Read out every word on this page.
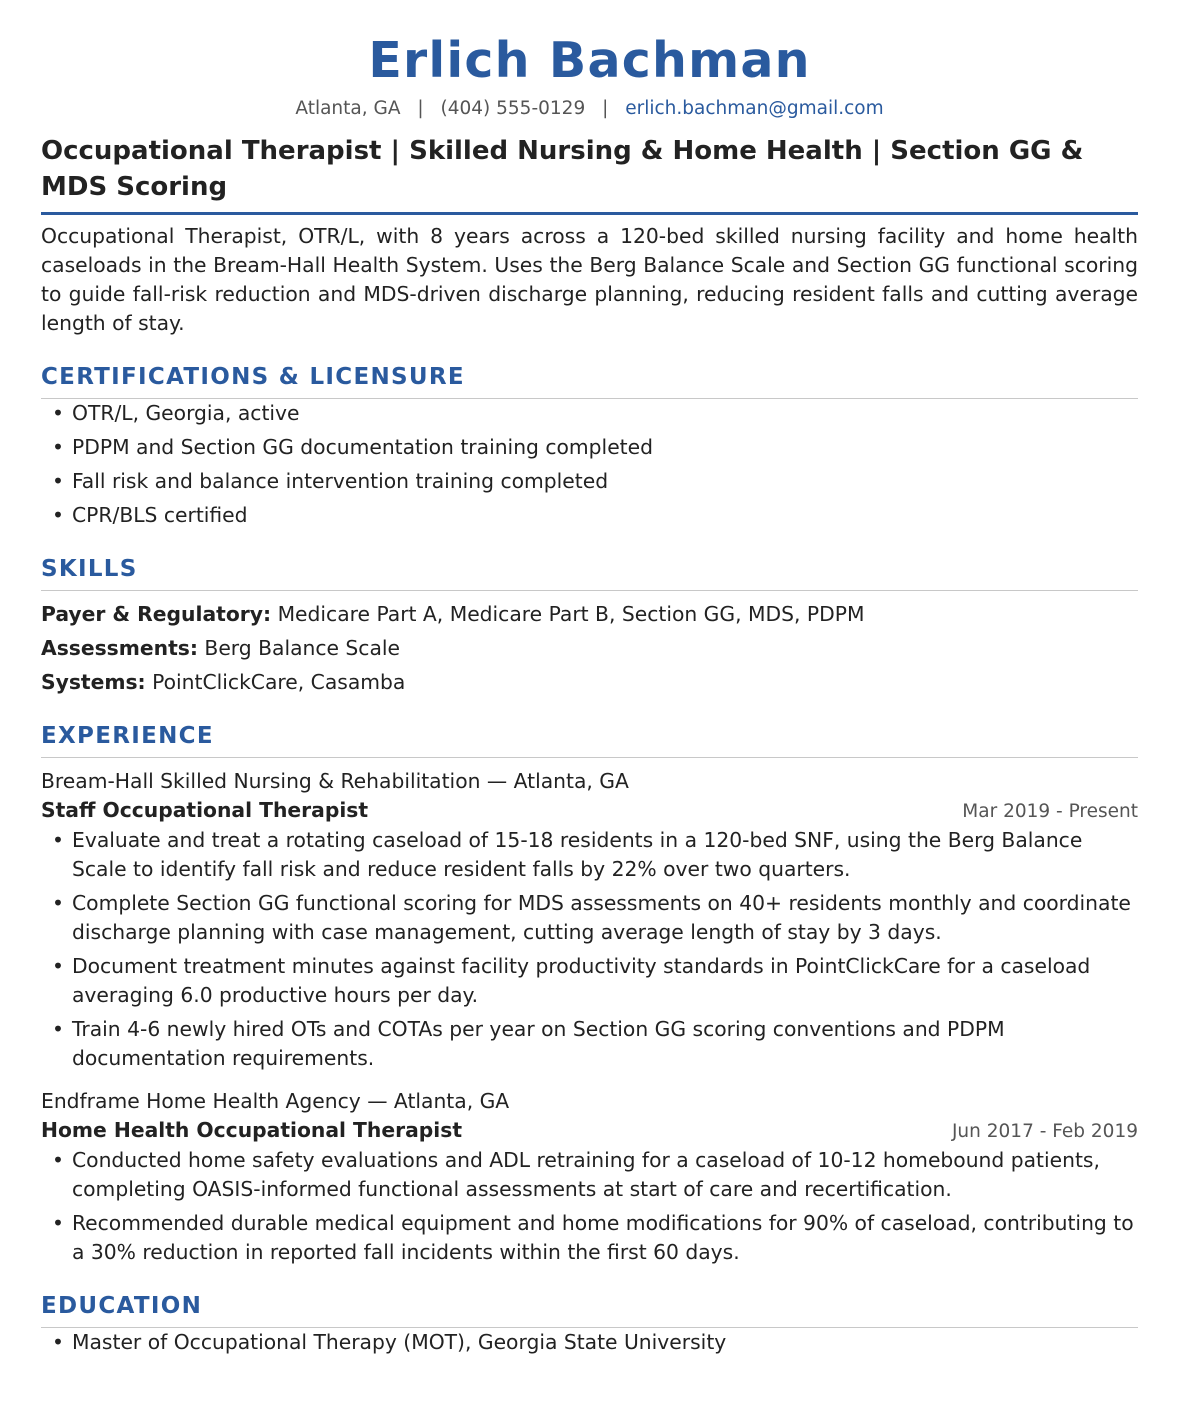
Erlich Bachman
Atlanta, GA | (404) 555-0129 | erlich.bachman@gmail.com
Occupational Therapist | Skilled Nursing & Home Health | Section GG & MDS Scoring

Occupational Therapist, OTR/L, with 8 years across a 120-bed skilled nursing facility and home health caseloads in the Bream-Hall Health System. Uses the Berg Balance Scale and Section GG functional scoring to guide fall-risk reduction and MDS-driven discharge planning, reducing resident falls and cutting average length of stay.

CERTIFICATIONS & LICENSURE
• OTR/L, Georgia, active
• PDPM and Section GG documentation training completed
• Fall risk and balance intervention training completed
• CPR/BLS certified
SKILLS
Payer & Regulatory: Medicare Part A, Medicare Part B, Section GG, MDS, PDPM
Assessments: Berg Balance Scale
Systems: PointClickCare, Casamba
EXPERIENCE
Bream-Hall Skilled Nursing & Rehabilitation — Atlanta, GA
Staff Occupational Therapist	Mar 2019 - Present
• Evaluate and treat a rotating caseload of 15-18 residents in a 120-bed SNF, using the Berg Balance Scale to identify fall risk and reduce resident falls by 22% over two quarters.
• Complete Section GG functional scoring for MDS assessments on 40+ residents monthly and coordinate discharge planning with case management, cutting average length of stay by 3 days.
• Document treatment minutes against facility productivity standards in PointClickCare for a caseload averaging 6.0 productive hours per day.
• Train 4-6 newly hired OTs and COTAs per year on Section GG scoring conventions and PDPM documentation requirements.
Endframe Home Health Agency — Atlanta, GA
Home Health Occupational Therapist	Jun 2017 - Feb 2019
• Conducted home safety evaluations and ADL retraining for a caseload of 10-12 homebound patients, completing OASIS-informed functional assessments at start of care and recertification.
• Recommended durable medical equipment and home modifications for 90% of caseload, contributing to a 30% reduction in reported fall incidents within the first 60 days.
EDUCATION
• Master of Occupational Therapy (MOT), Georgia State University
